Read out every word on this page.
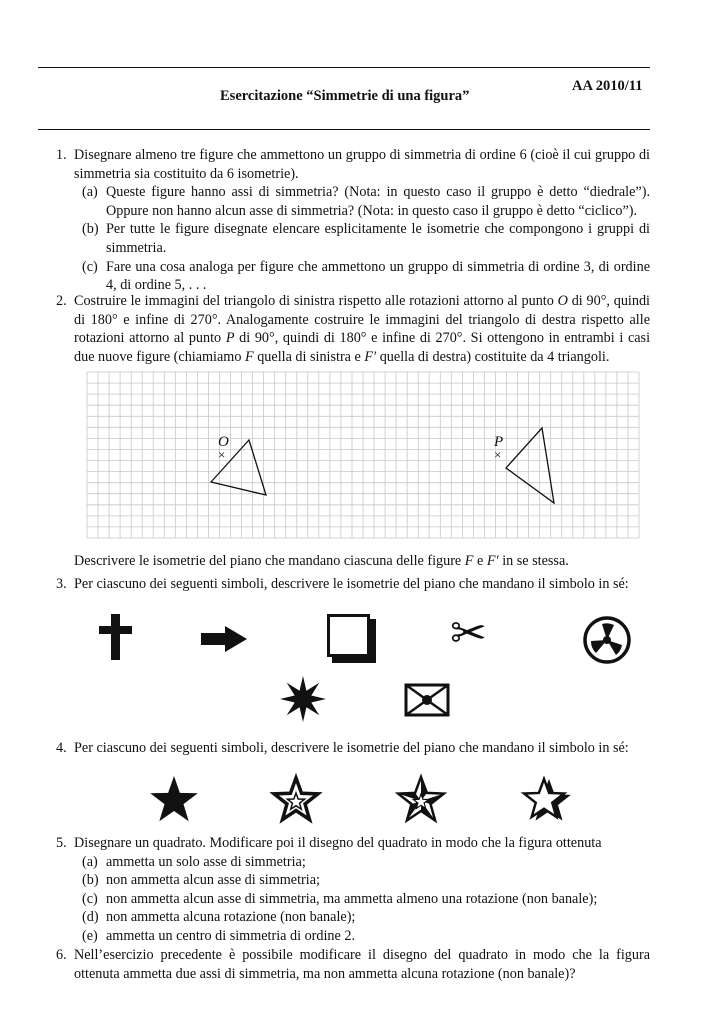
AA 2010/11
Esercitazione “Simmetrie di una figura”
1. Disegnare almeno tre figure che ammettono un gruppo di simmetria di ordine 6 (cioè il cui gruppo di simmetria sia costituito da 6 isometrie).
(a) Queste figure hanno assi di simmetria? (Nota: in questo caso il gruppo è detto “diedrale”). Oppure non hanno alcun asse di simmetria? (Nota: in questo caso il gruppo è detto “ciclico”).
(b) Per tutte le figure disegnate elencare esplicitamente le isometrie che compongono i gruppi di simmetria.
(c) Fare una cosa analoga per figure che ammettono un gruppo di simmetria di ordine 3, di ordine 4, di ordine 5, . . .
2. Costruire le immagini del triangolo di sinistra rispetto alle rotazioni attorno al punto O di 90°, quindi di 180° e infine di 270°. Analogamente costruire le immagini del triangolo di destra rispetto alle rotazioni attorno al punto P di 90°, quindi di 180° e infine di 270°. Si ottengono in entrambi i casi due nuove figure (chiamiamo F quella di sinistra e F′ quella di destra) costituite da 4 triangoli.
O
×
P
×
Descrivere le isometrie del piano che mandano ciascuna delle figure F e F′ in se stessa.
3. Per ciascuno dei seguenti simboli, descrivere le isometrie del piano che mandano il simbolo in sé:
✂
4. Per ciascuno dei seguenti simboli, descrivere le isometrie del piano che mandano il simbolo in sé:
5. Disegnare un quadrato. Modificare poi il disegno del quadrato in modo che la figura ottenuta
(a) ammetta un solo asse di simmetria;
(b) non ammetta alcun asse di simmetria;
(c) non ammetta alcun asse di simmetria, ma ammetta almeno una rotazione (non banale);
(d) non ammetta alcuna rotazione (non banale);
(e) ammetta un centro di simmetria di ordine 2.
6. Nell’esercizio precedente è possibile modificare il disegno del quadrato in modo che la figura ottenuta ammetta due assi di simmetria, ma non ammetta alcuna rotazione (non banale)?
